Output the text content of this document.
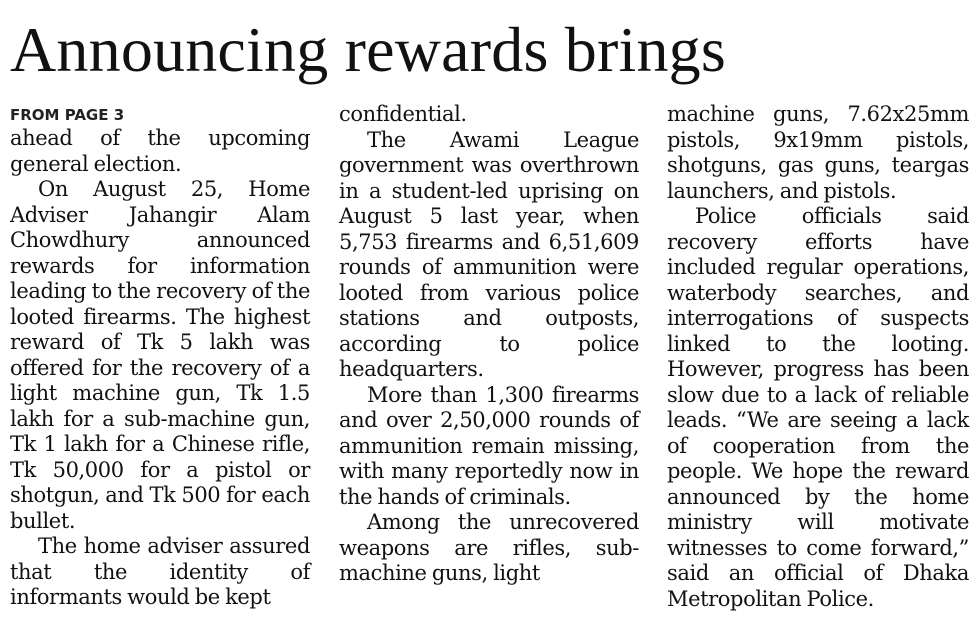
Announcing rewards brings
FROM PAGE 3

ahead of the upcoming general election.

On August 25, Home Adviser Jahangir Alam Chowdhury announced rewards for information leading to the recovery of the looted firearms. The highest reward of Tk 5 lakh was offered for the recovery of a light machine gun, Tk 1.5 lakh for a sub-machine gun, Tk 1 lakh for a Chinese rifle, Tk 50,000 for a pistol or shotgun, and Tk 500 for each bullet.

The home adviser assured that the identity of informants would be kept

confidential.

The Awami League government was overthrown in a student-led uprising on August 5 last year, when 5,753 firearms and 6,51,609 rounds of ammunition were looted from various police stations and outposts, according to police headquarters.

More than 1,300 firearms and over 2,50,000 rounds of ammunition remain missing, with many reportedly now in the hands of criminals.

Among the unrecovered weapons are rifles, sub-machine guns, light

machine guns, 7.62x25mm pistols, 9x19mm pistols, shotguns, gas guns, teargas launchers, and pistols.

Police officials said recovery efforts have included regular operations, waterbody searches, and interrogations of suspects linked to the looting. However, progress has been slow due to a lack of reliable leads. “We are seeing a lack of cooperation from the people. We hope the reward announced by the home ministry will motivate witnesses to come forward,” said an official of Dhaka Metropolitan Police.
